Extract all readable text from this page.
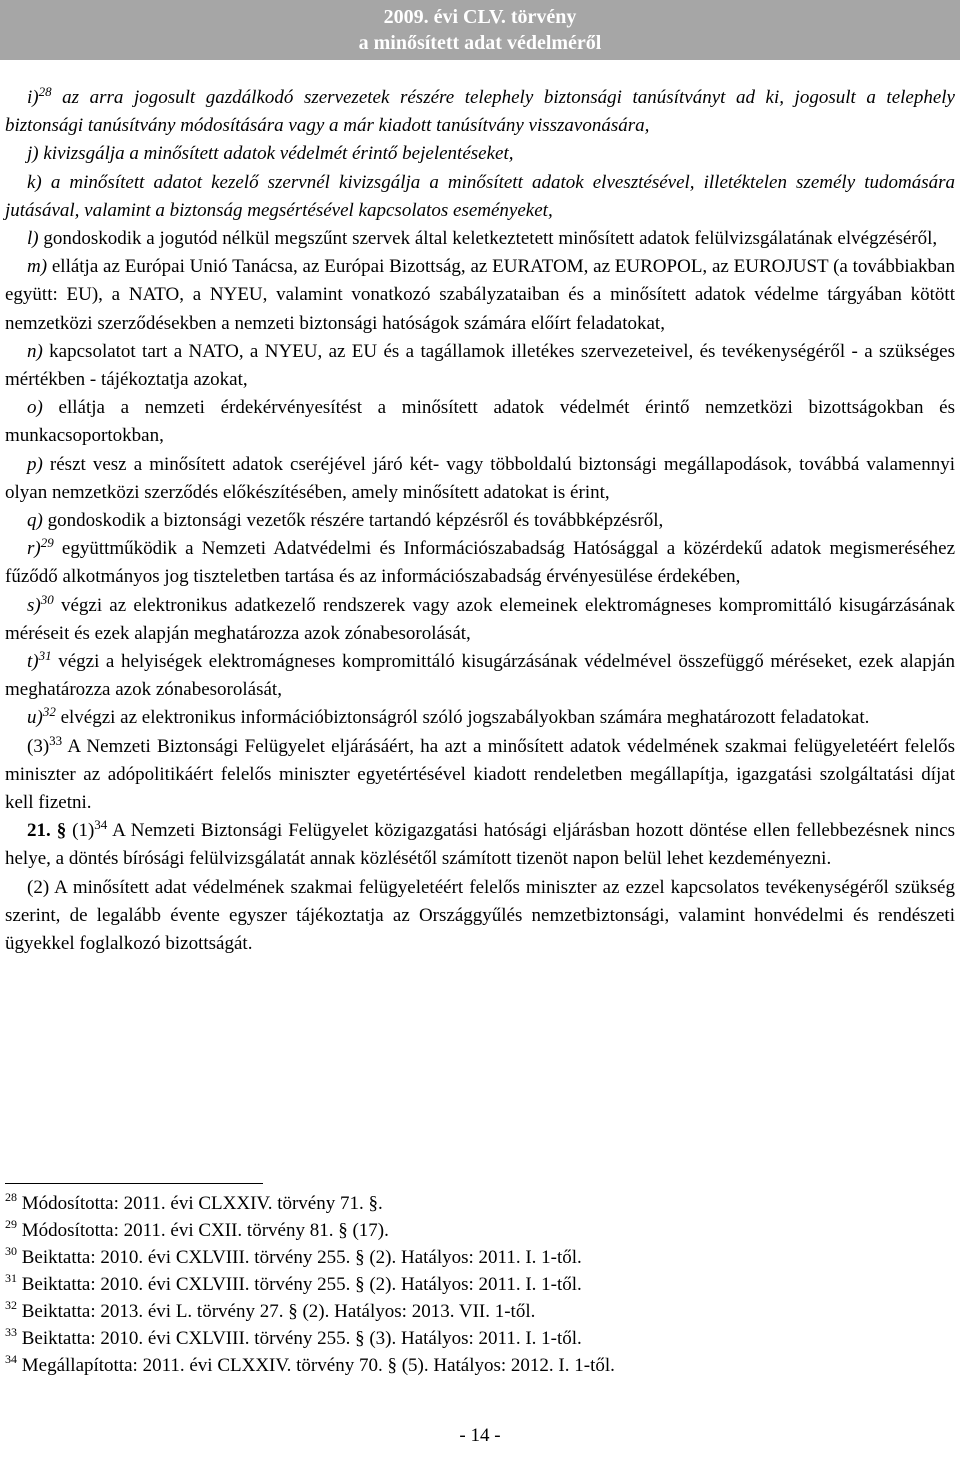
2009. évi CLV. törvény
a minősített adat védelméről

i)$^{28}$ az arra jogosult gazdálkodó szervezetek részére telephely biztonsági tanúsítványt ad ki, jogosult a telephely biztonsági tanúsítvány módosítására vagy a már kiadott tanúsítvány visszavonására,

j) kivizsgálja a minősített adatok védelmét érintő bejelentéseket,

k) a minősített adatot kezelő szervnél kivizsgálja a minősített adatok elvesztésével, illetéktelen személy tudomására jutásával, valamint a biztonság megsértésével kapcsolatos eseményeket,

l) gondoskodik a jogutód nélkül megszűnt szervek által keletkeztetett minősített adatok felülvizsgálatának elvégzéséről,

m) ellátja az Európai Unió Tanácsa, az Európai Bizottság, az EURATOM, az EUROPOL, az EUROJUST (a továbbiakban együtt: EU), a NATO, a NYEU, valamint vonatkozó szabályzataiban és a minősített adatok védelme tárgyában kötött nemzetközi szerződésekben a nemzeti biztonsági hatóságok számára előírt feladatokat,

n) kapcsolatot tart a NATO, a NYEU, az EU és a tagállamok illetékes szervezeteivel, és tevékenységéről - a szükséges mértékben - tájékoztatja azokat,

o) ellátja a nemzeti érdekérvényesítést a minősített adatok védelmét érintő nemzetközi bizottságokban és munkacsoportokban,

p) részt vesz a minősített adatok cseréjével járó két- vagy többoldalú biztonsági megállapodások, továbbá valamennyi olyan nemzetközi szerződés előkészítésében, amely minősített adatokat is érint,

q) gondoskodik a biztonsági vezetők részére tartandó képzésről és továbbképzésről,

r)$^{29}$ együttműködik a Nemzeti Adatvédelmi és Információszabadság Hatósággal a közérdekű adatok megismeréséhez fűződő alkotmányos jog tiszteletben tartása és az információszabadság érvényesülése érdekében,

s)$^{30}$ végzi az elektronikus adatkezelő rendszerek vagy azok elemeinek elektromágneses kompromittáló kisugárzásának méréseit és ezek alapján meghatározza azok zónabesorolását,

t)$^{31}$ végzi a helyiségek elektromágneses kompromittáló kisugárzásának védelmével összefüggő méréseket, ezek alapján meghatározza azok zónabesorolását,

u)$^{32}$ elvégzi az elektronikus információbiztonságról szóló jogszabályokban számára meghatározott feladatokat.

$(3)^{33}$ A Nemzeti Biztonsági Felügyelet eljárásáért, ha azt a minősített adatok védelmének szakmai felügyeletéért felelős miniszter az adópolitikáért felelős miniszter egyetértésével kiadott rendeletben megállapítja, igazgatási szolgáltatási díjat kell fizetni.

21. § $(1)^{34}$ A Nemzeti Biztonsági Felügyelet közigazgatási hatósági eljárásban hozott döntése ellen fellebbezésnek nincs helye, a döntés bírósági felülvizsgálatát annak közlésétől számított tizenöt napon belül lehet kezdeményezni.

(2) A minősített adat védelmének szakmai felügyeletéért felelős miniszter az ezzel kapcsolatos tevékenységéről szükség szerint, de legalább évente egyszer tájékoztatja az Országgyűlés nemzetbiztonsági, valamint honvédelmi és rendészeti ügyekkel foglalkozó bizottságát.

$^{28}$ Módosította: 2011. évi CLXXIV. törvény 71. §.
$^{29}$ Módosította: 2011. évi CXII. törvény 81. § (17).
$^{30}$ Beiktatta: 2010. évi CXLVIII. törvény 255. § (2). Hatályos: 2011. I. 1-től.
$^{31}$ Beiktatta: 2010. évi CXLVIII. törvény 255. § (2). Hatályos: 2011. I. 1-től.
$^{32}$ Beiktatta: 2013. évi L. törvény 27. § (2). Hatályos: 2013. VII. 1-től.
$^{33}$ Beiktatta: 2010. évi CXLVIII. törvény 255. § (3). Hatályos: 2011. I. 1-től.
$^{34}$ Megállapította: 2011. évi CLXXIV. törvény 70. § (5). Hatályos: 2012. I. 1-től.
- 14 -
